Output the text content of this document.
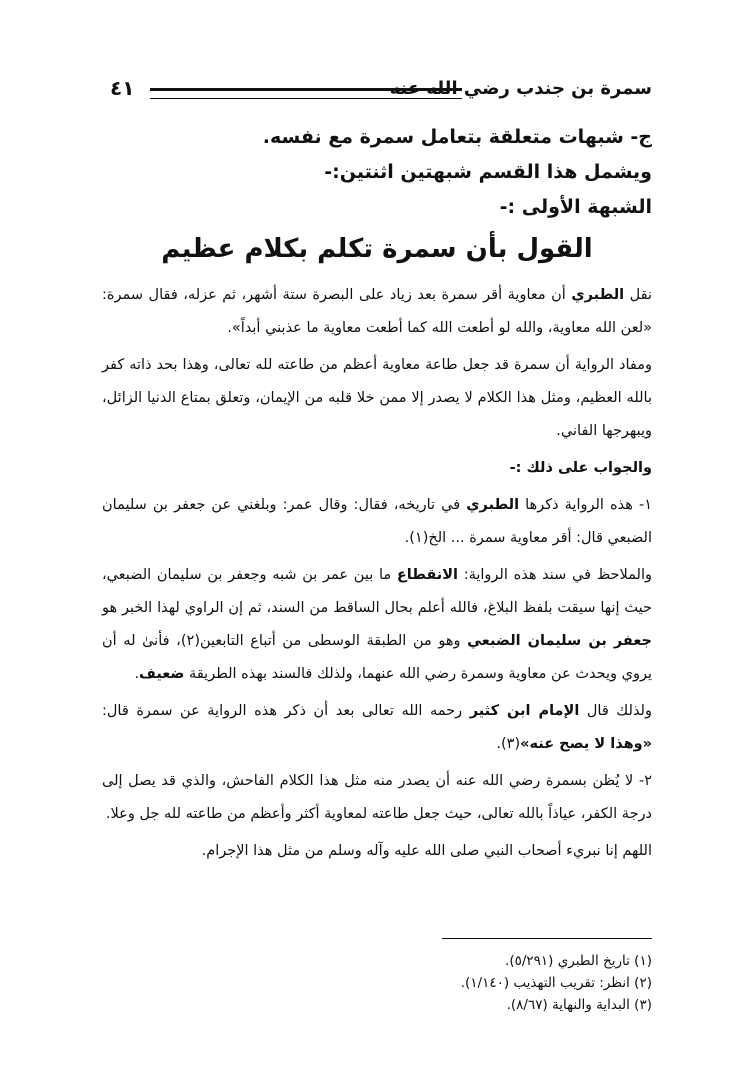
سمرة بن جندب رضي الله عنه
٤١

ج- شبهات متعلقة بتعامل سمرة مع نفسه.

ويشمل هذا القسم شبهتين اثنتين:-

الشبهة الأولى :-

القول بأن سمرة تكلم بكلام عظيم

نقل الطبري أن معاوية أقر سمرة بعد زياد على البصرة ستة أشهر، ثم عزله، فقال سمرة: «لعن الله معاوية، والله لو أطعت الله كما أطعت معاوية ما عذبني أبداً».

ومفاد الرواية أن سمرة قد جعل طاعة معاوية أعظم من طاعته لله تعالى، وهذا بحد ذاته كفر بالله العظيم، ومثل هذا الكلام لا يصدر إلا ممن خلا قلبه من الإيمان، وتعلق بمتاع الدنيا الزائل، ويبهرجها الفاني.

والجواب على ذلك :-

١- هذه الرواية ذكرها الطبري في تاريخه، فقال: وقال عمر: وبلغني عن جعفر بن سليمان الضبعي قال: أقر معاوية سمرة ... الخ(١).

والملاحظ في سند هذه الرواية: الانقطاع ما بين عمر بن شبه وجعفر بن سليمان الضبعي، حيث إنها سيقت بلفظ البلاغ، فالله أعلم بحال الساقط من السند، ثم إن الراوي لهذا الخبر هو جعفر بن سليمان الضبعي وهو من الطبقة الوسطى من أتباع التابعين(٢)، فأنىٰ له أن يروي ويحدث عن معاوية وسمرة رضي الله عنهما، ولذلك فالسند بهذه الطريقة ضعيف.

ولذلك قال الإمام ابن كثير رحمه الله تعالى بعد أن ذكر هذه الرواية عن سمرة قال: «وهذا لا يصح عنه»(٣).

٢- لا يُظن بسمرة رضي الله عنه أن يصدر منه مثل هذا الكلام الفاحش، والذي قد يصل إلى درجة الكفر، عياذاً بالله تعالى، حيث جعل طاعته لمعاوية أكثر وأعظم من طاعته لله جل وعلا.

اللهم إنا نبريء أصحاب النبي صلى الله عليه وآله وسلم من مثل هذا الإجرام.

(١) تاريخ الطبري (٥/٢٩١).
(٢) انظر: تقريب التهذيب (١/١٤٠).
(٣) البداية والنهاية (٨/٦٧).
